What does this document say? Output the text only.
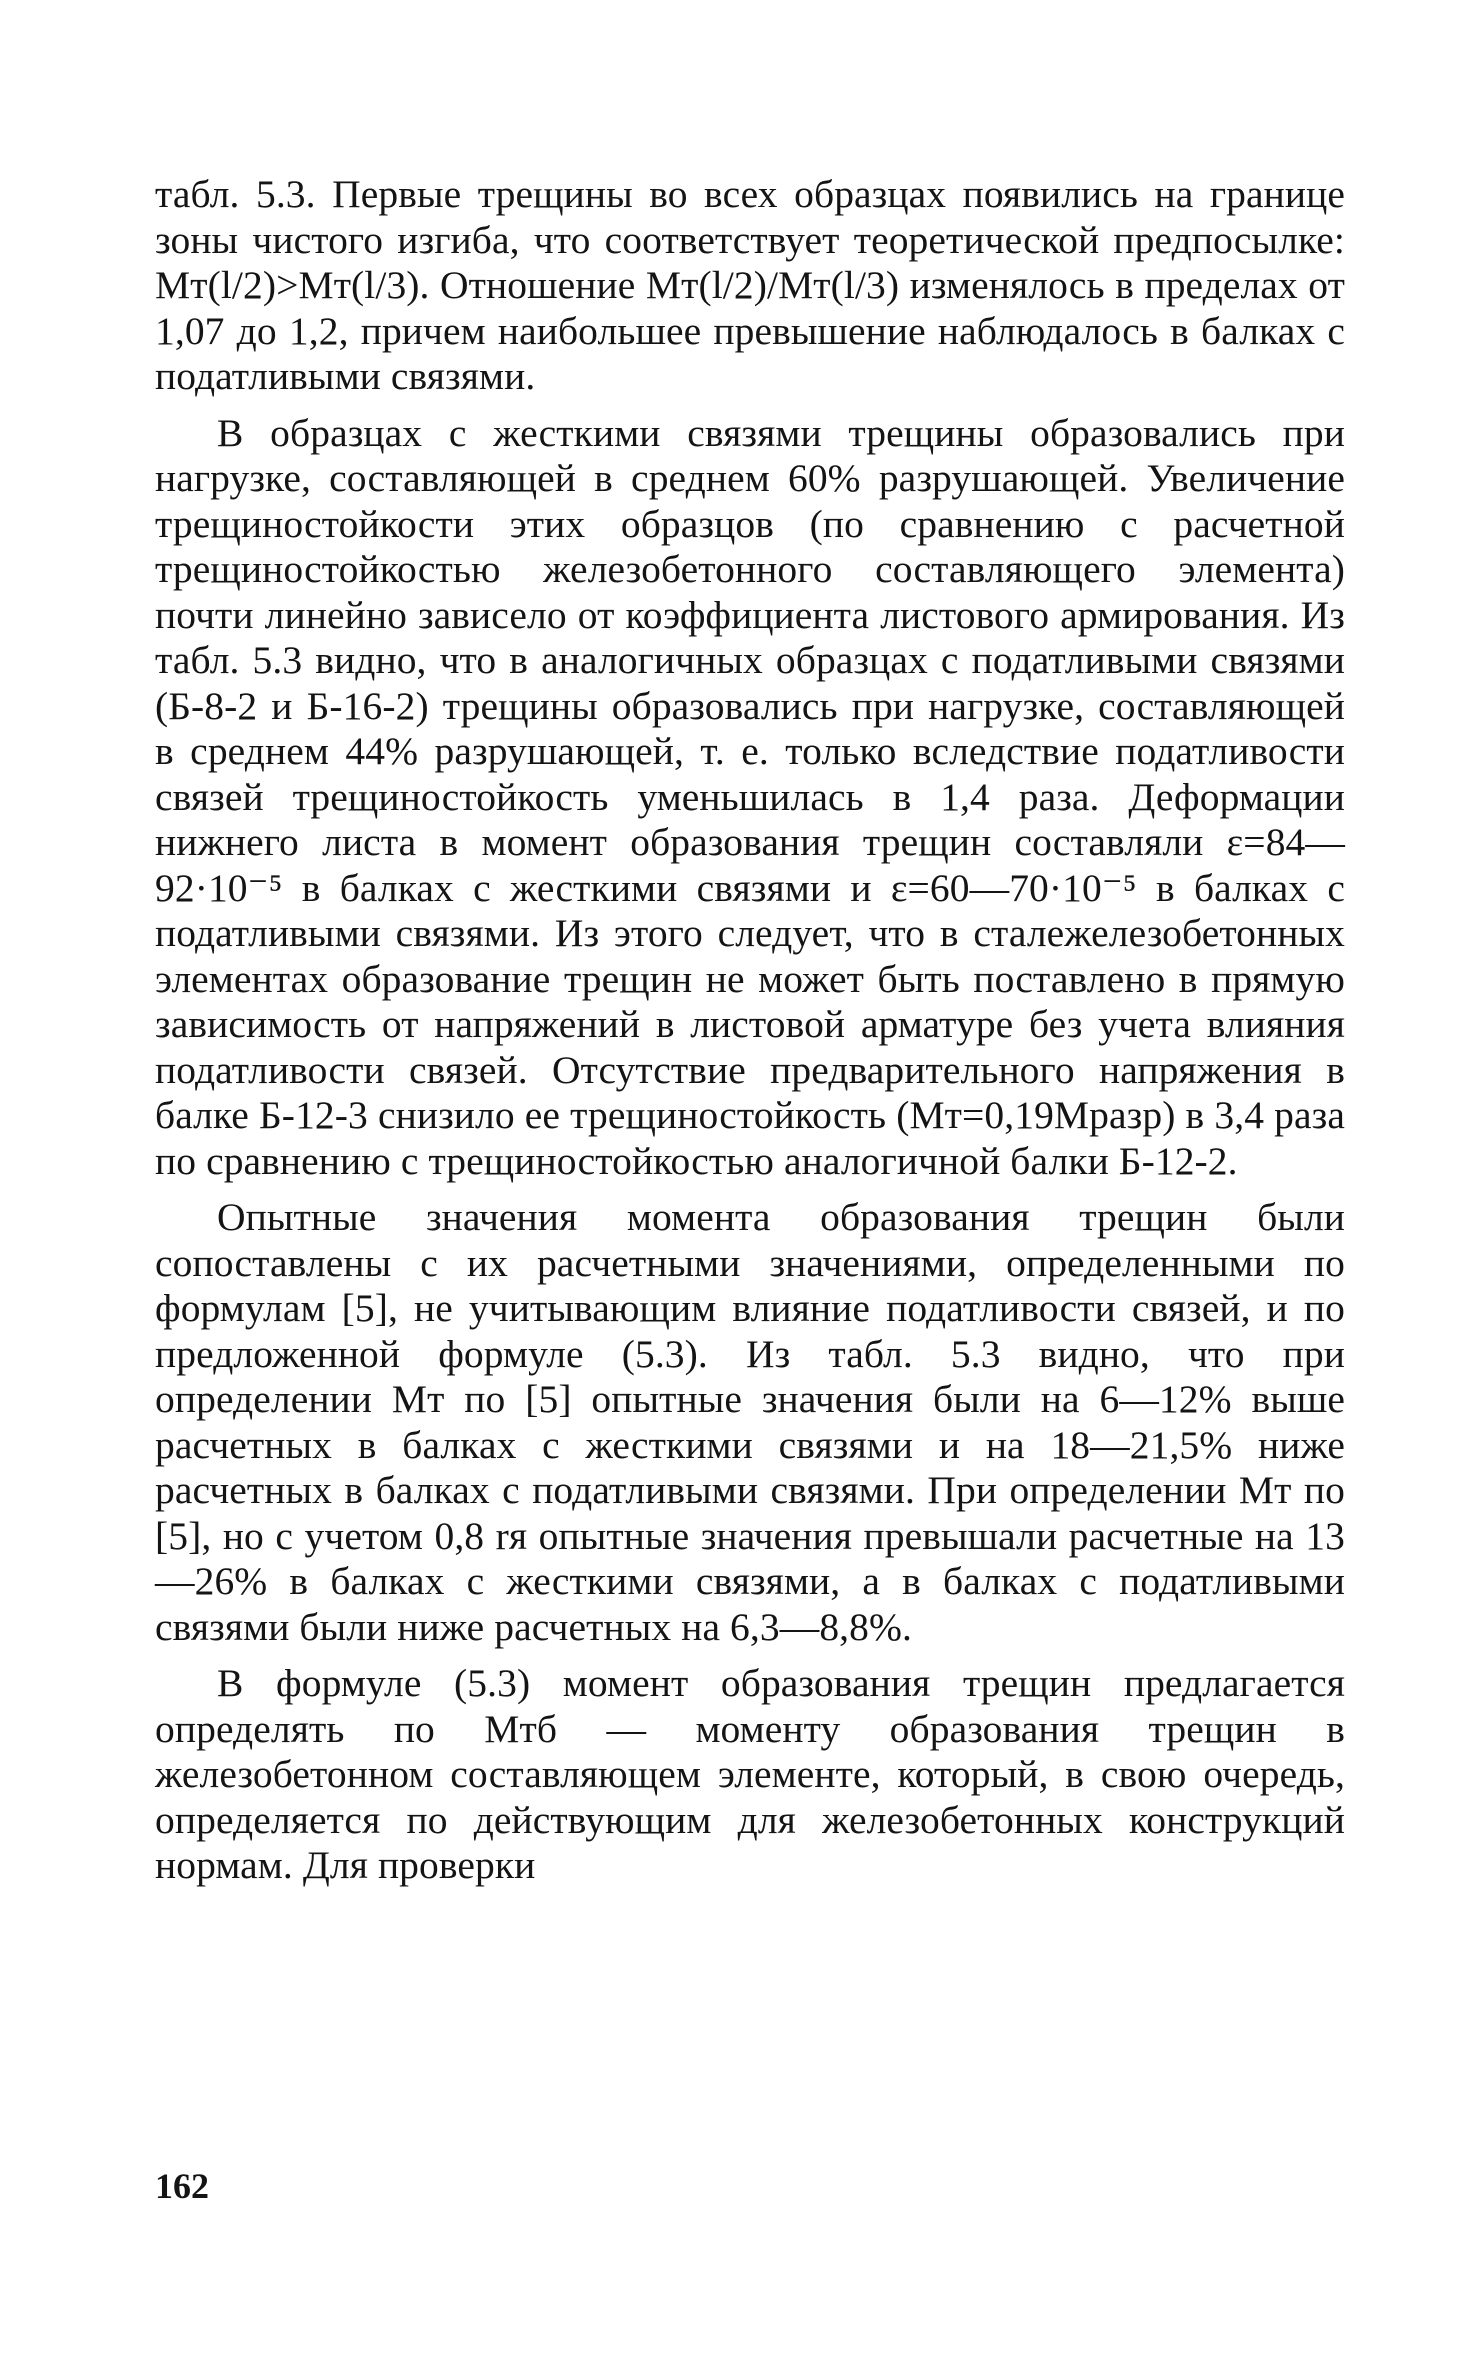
табл. 5.3. Первые трещины во всех образцах появились на границе зоны чистого изгиба, что соответствует теоретической предпосылке: Mт(l/2)>Mт(l/3). Отношение Mт(l/2)/Mт(l/3) изменялось в пределах от 1,07 до 1,2, причем наибольшее превышение наблюдалось в балках с податливыми связями.

В образцах с жесткими связями трещины образовались при нагрузке, составляющей в среднем 60% разрушающей. Увеличение трещиностойкости этих образцов (по сравнению с расчетной трещиностойкостью железобетонного составляющего элемента) почти линейно зависело от коэффициента листового армирования. Из табл. 5.3 видно, что в аналогичных образцах с податливыми связями (Б-8-2 и Б-16-2) трещины образовались при нагрузке, составляющей в среднем 44% разрушающей, т. е. только вследствие податливости связей трещиностойкость уменьшилась в 1,4 раза. Деформации нижнего листа в момент образования трещин составляли ε=84—92·10⁻⁵ в балках с жесткими связями и ε=60—70·10⁻⁵ в балках с податливыми связями. Из этого следует, что в сталежелезобетонных элементах образование трещин не может быть поставлено в прямую зависимость от напряжений в листовой арматуре без учета влияния податливости связей. Отсутствие предварительного напряжения в балке Б-12-3 снизило ее трещиностойкость (Mт=0,19Mразр) в 3,4 раза по сравнению с трещиностойкостью аналогичной балки Б-12-2.

Опытные значения момента образования трещин были сопоставлены с их расчетными значениями, определенными по формулам [5], не учитывающим влияние податливости связей, и по предложенной формуле (5.3). Из табл. 5.3 видно, что при определении Mт по [5] опытные значения были на 6—12% выше расчетных в балках с жесткими связями и на 18—21,5% ниже расчетных в балках с податливыми связями. При определении Mт по [5], но с учетом 0,8 rя опытные значения превышали расчетные на 13—26% в балках с жесткими связями, а в балках с податливыми связями были ниже расчетных на 6,3—8,8%.

В формуле (5.3) момент образования трещин предлагается определять по Mтб — моменту образования трещин в железобетонном составляющем элементе, который, в свою очередь, определяется по действующим для железобетонных конструкций нормам. Для проверки

162
